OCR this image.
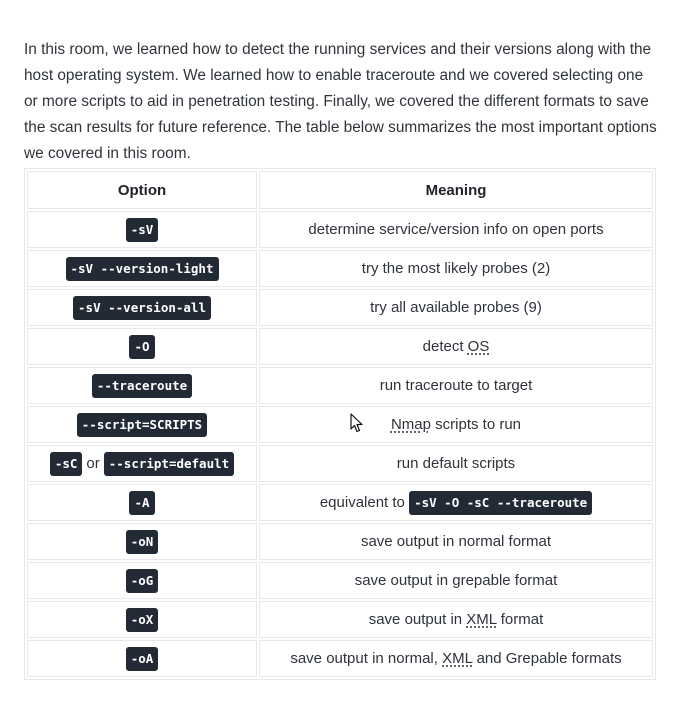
In this room, we learned how to detect the running services and their versions along with the host operating system. We learned how to enable traceroute and we covered selecting one or more scripts to aid in penetration testing. Finally, we covered the different formats to save the scan results for future reference. The table below summarizes the most important options we covered in this room.

Option	Meaning
-sV	determine service/version info on open ports
-sV --version-light	try the most likely probes (2)
-sV --version-all	try all available probes (9)
-O	detect OS
--traceroute	run traceroute to target
--script=SCRIPTS	Nmap scripts to run
-sC or --script=default	run default scripts
-A	equivalent to -sV -O -sC --traceroute
-oN	save output in normal format
-oG	save output in grepable format
-oX	save output in XML format
-oA	save output in normal, XML and Grepable formats
